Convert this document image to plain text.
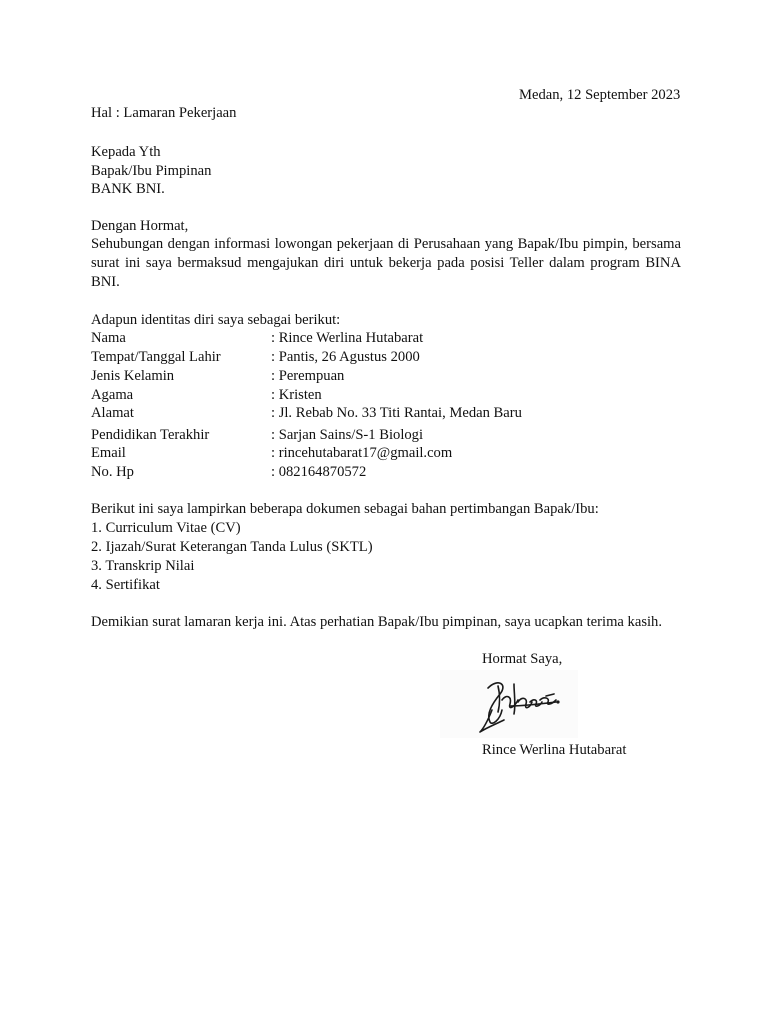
Medan, 12 September 2023
Hal : Lamaran Pekerjaan
Kepada Yth
Bapak/Ibu Pimpinan
BANK BNI.
Dengan Hormat,
Sehubungan dengan informasi lowongan pekerjaan di Perusahaan yang Bapak/Ibu pimpin, bersama surat ini saya bermaksud mengajukan diri untuk bekerja pada posisi Teller dalam program BINA BNI.
Adapun identitas diri saya sebagai berikut:
Nama	: Rince Werlina Hutabarat
Tempat/Tanggal Lahir	: Pantis, 26 Agustus 2000
Jenis Kelamin	: Perempuan
Agama	: Kristen
Alamat	: Jl. Rebab No. 33 Titi Rantai, Medan Baru
Pendidikan Terakhir	: Sarjan Sains/S-1 Biologi
Email	: rincehutabarat17@gmail.com
No. Hp	: 082164870572
Berikut ini saya lampirkan beberapa dokumen sebagai bahan pertimbangan Bapak/Ibu:
1. Curriculum Vitae (CV)
2. Ijazah/Surat Keterangan Tanda Lulus (SKTL)
3. Transkrip Nilai
4. Sertifikat
Demikian surat lamaran kerja ini. Atas perhatian Bapak/Ibu pimpinan, saya ucapkan terima kasih.
Hormat Saya,
Rince Werlina Hutabarat
